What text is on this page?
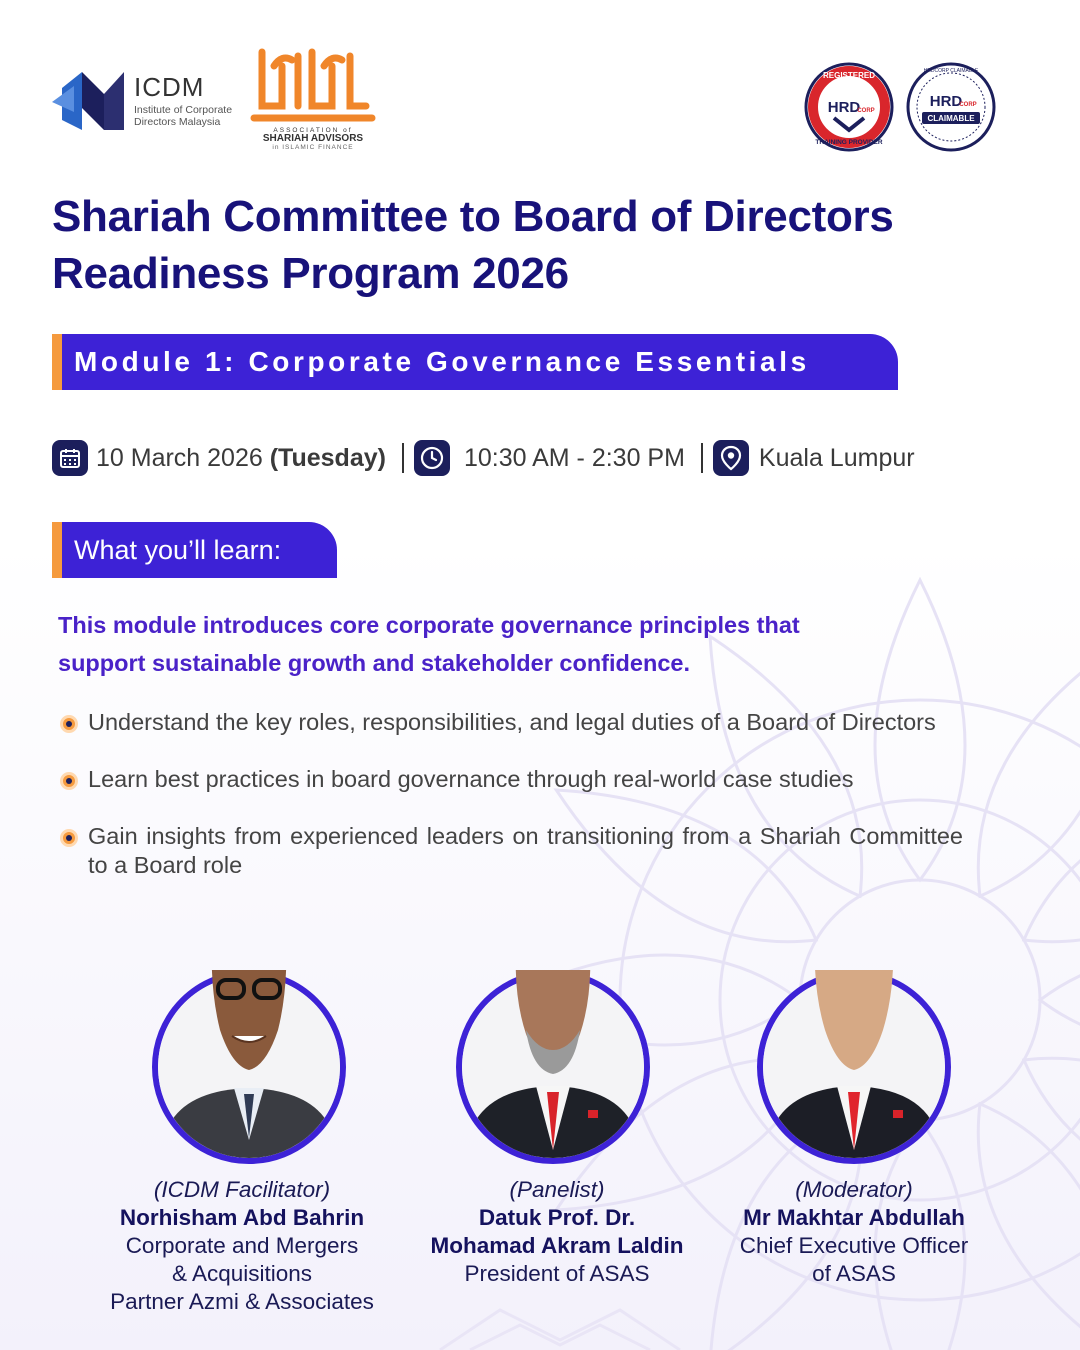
ICDM
Institute of Corporate
Directors Malaysia
ASSOCIATION of
SHARIAH ADVISORS
in ISLAMIC FINANCE
REGISTERED
HRD
CORP
TRAINING PROVIDER
HRDCORP CLAIMABLE
HRD
CORP
CLAIMABLE
Shariah Committee to Board of Directors
Readiness Program 2026
Module 1: Corporate Governance Essentials
10 March 2026 (Tuesday)	10:30 AM - 2:30 PM	Kuala Lumpur
What you’ll learn:
This module introduces core corporate governance principles that
support sustainable growth and stakeholder confidence.
Understand the key roles, responsibilities, and legal duties of a Board of Directors
Learn best practices in board governance through real-world case studies
Gain insights from experienced leaders on transitioning from a Shariah Committee to a Board role
(ICDM Facilitator)
Norhisham Abd Bahrin
Corporate and Mergers
& Acquisitions
Partner Azmi & Associates
(Panelist)
Datuk Prof. Dr.
Mohamad Akram Laldin
President of ASAS
(Moderator)
Mr Makhtar Abdullah
Chief Executive Officer
of ASAS
